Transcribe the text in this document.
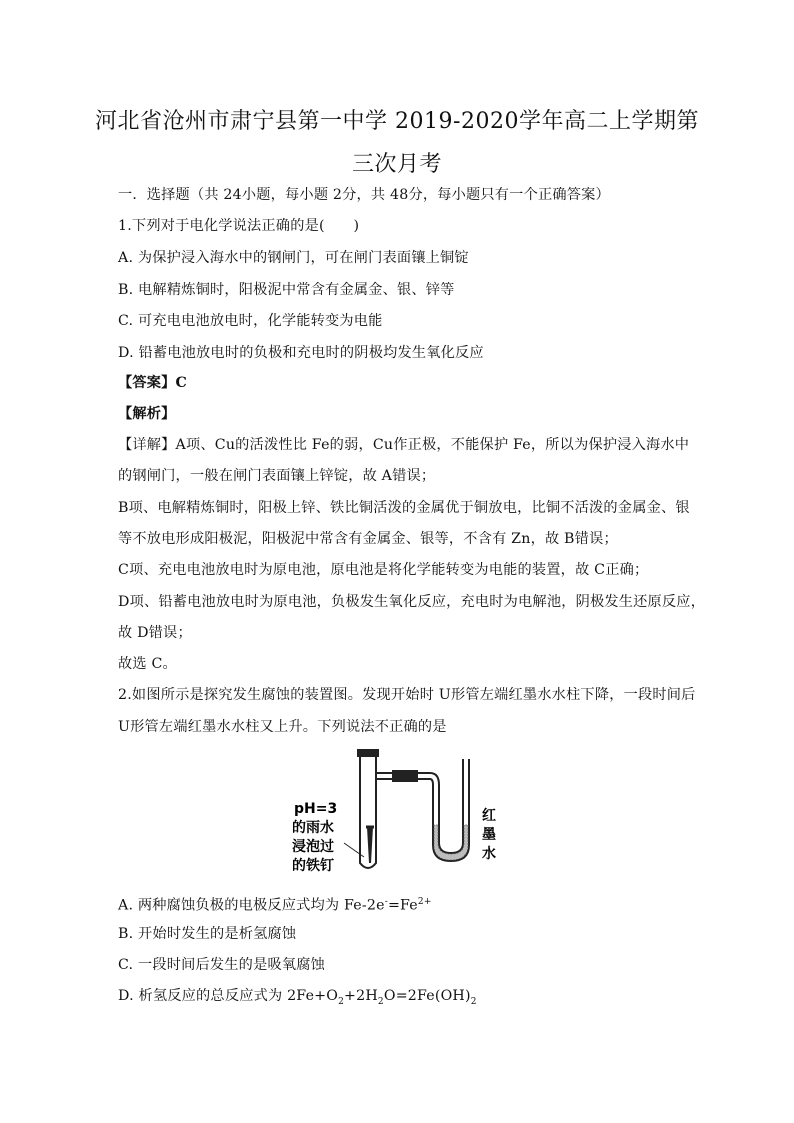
河北省沧州市肃宁县第一中学 2019-2020学年高二上学期第
三次月考
一．选择题（共 24小题，每小题 2分，共 48分，每小题只有一个正确答案）
1.下列对于电化学说法正确的是(　　)
A. 为保护浸入海水中的钢闸门，可在闸门表面镶上铜锭
B. 电解精炼铜时，阳极泥中常含有金属金、银、锌等
C. 可充电电池放电时，化学能转变为电能
D. 铅蓄电池放电时的负极和充电时的阴极均发生氧化反应
【答案】C
【解析】
【详解】A项、Cu的活泼性比 Fe的弱，Cu作正极，不能保护 Fe，所以为保护浸入海水中
的钢闸门，一般在闸门表面镶上锌锭，故 A错误；
B项、电解精炼铜时，阳极上锌、铁比铜活泼的金属优于铜放电，比铜不活泼的金属金、银
等不放电形成阳极泥，阳极泥中常含有金属金、银等，不含有 Zn，故 B错误；
C项、充电电池放电时为原电池，原电池是将化学能转变为电能的装置，故 C正确；
D项、铅蓄电池放电时为原电池，负极发生氧化反应，充电时为电解池，阴极发生还原反应，
故 D错误；
故选 C。
2.如图所示是探究发生腐蚀的装置图。发现开始时 U形管左端红墨水水柱下降，一段时间后
U形管左端红墨水水柱又上升。下列说法不正确的是
pH=3
的雨水
浸泡过
的铁钉
红
墨
水
A. 两种腐蚀负极的电极反应式均为 $Fe-2e^-=Fe^{2+}$
B. 开始时发生的是析氢腐蚀
C. 一段时间后发生的是吸氧腐蚀
D. 析氢反应的总反应式为 $2Fe+O_2+2H_2O=2Fe(OH)_2$
